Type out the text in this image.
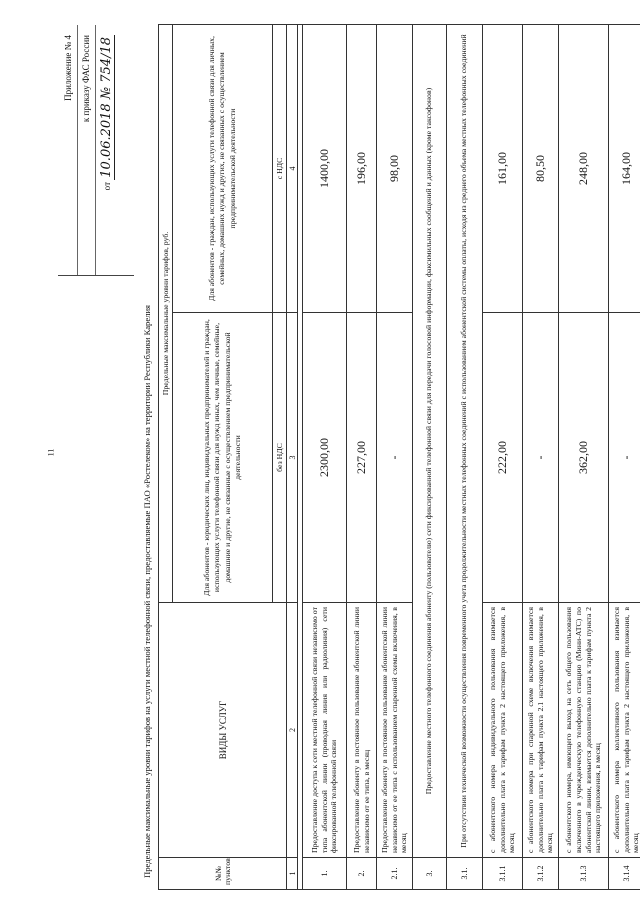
11
Приложение № 4 к приказу ФАС России
от 10.06.2018 № 754/18
Предельные максимальные уровни тарифов на услуги местной телефонной связи, предоставляемые ПАО «Ростелеком» на территории Республики Карелия	№№ пунктов	ВИДЫ УСЛУГ	Предельные максимальные уровни тарифов, руб.	
		Для абонентов - юридических лиц, индивидуальных предпринимателей и граждан, использующих услуги телефонной связи для нужд иных, чем личные, семейные, домашние и другие, не связанные с осуществлением предпринимательской деятельности	Для абонентов - граждан, использующих услуги телефонной связи для личных, семейных, домашних нужд и других, не связанных с осуществлением предпринимательской деятельности
		без НДС	с НДС
1	2	3	4

1.	Предоставление доступа к сети местной телефонной связи независимо от типа абонентской линии (проводная линия или радиолиния) сети фиксированной телефонной связи	2300,00	1400,00
2.	Предоставление абоненту в постоянное пользование абонентской линии независимо от ее типа, в месяц	227,00	196,00
2.1.	Предоставление абоненту в постоянное пользование абонентской линии независимо от ее типа с использованием спаренной схемы включения, в месяц	-	98,00
3.	Предоставление местного телефонного соединения абоненту (пользователю) сети фиксированной телефонной связи для передачи голосовой информации, факсимильных сообщений и данных (кроме таксофонов)		
3.1.	При отсутствии технической возможности осуществления повременного учета продолжительности местных телефонных соединений с использованием абонентской системы оплаты, исходя из среднего объема местных телефонных соединений		
3.1.1	с абонентского номера индивидуального пользования взимается дополнительно плата к тарифам пункта 2 настоящего приложения, в месяц	222,00	161,00
3.1.2	с абонентского номера при спаренной схеме включения взимается дополнительно плата к тарифам пункта 2.1 настоящего приложения, в месяц	-	80,50
3.1.3	с абонентского номера, имеющего выход на сеть общего пользования включенного в учрежденческую телефонную станцию (Мини-АТС) по абонентской линии, взимается дополнительно плата к тарифам пункта 2 настоящего приложения, в месяц	362,00	248,00
3.1.4	с абонентского номера коллективного пользования взимается дополнительно плата к тарифам пункта 2 настоящего приложения, в месяц	-	164,00
